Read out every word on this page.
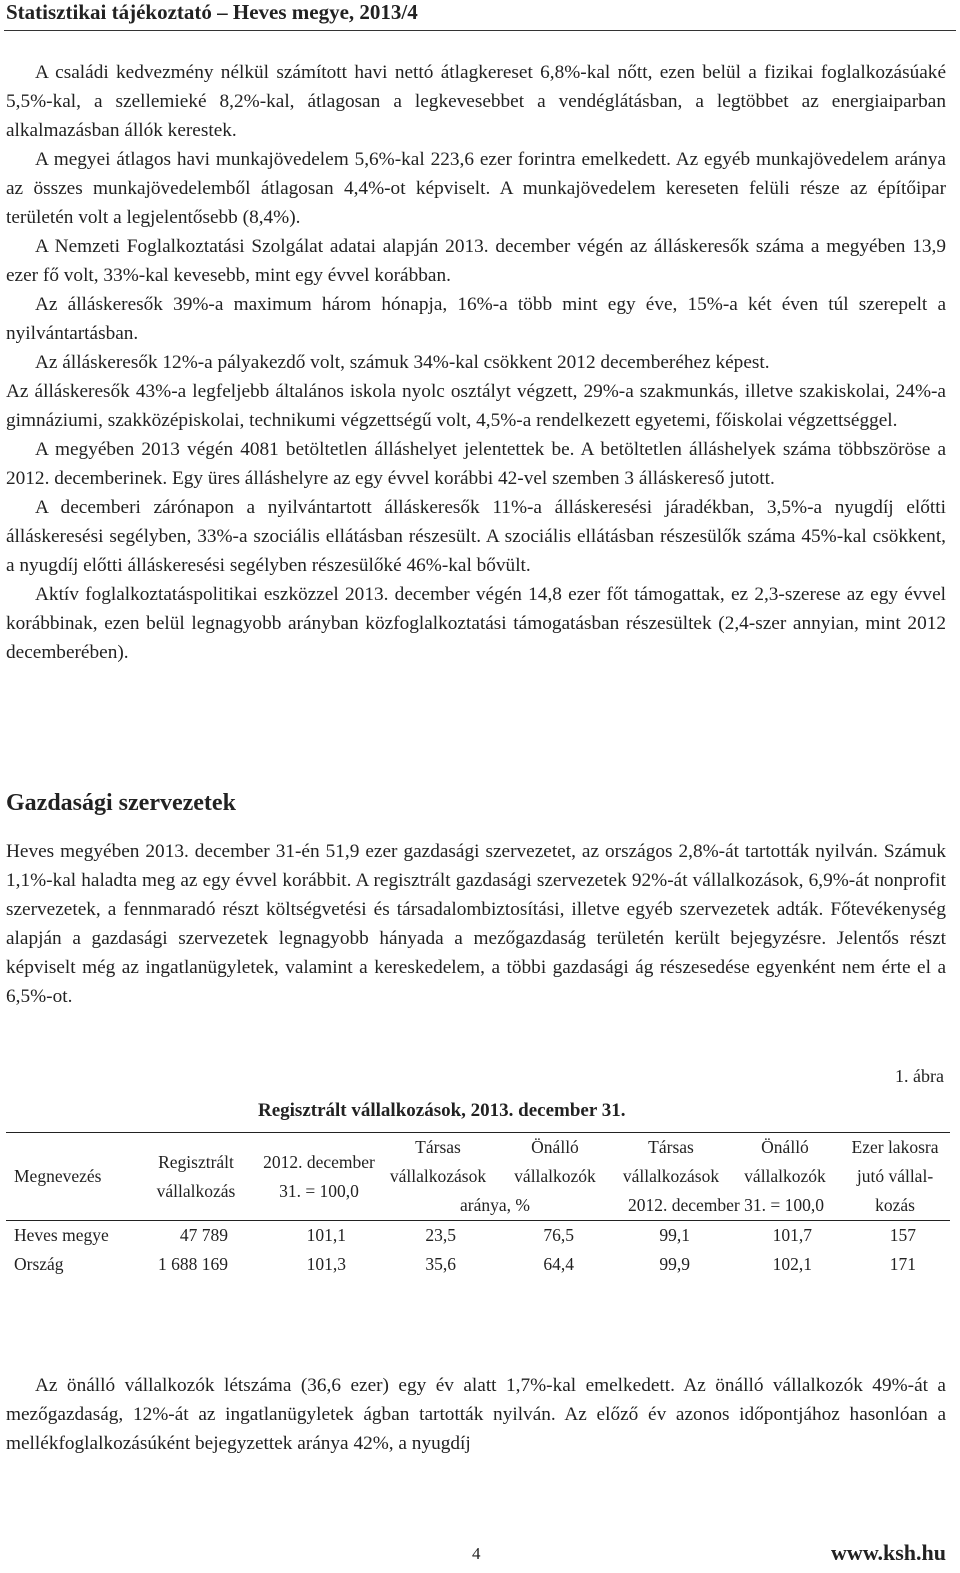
Statisztikai tájékoztató – Heves megye, 2013/4

A családi kedvezmény nélkül számított havi nettó átlagkereset 6,8%-kal nőtt, ezen belül a fizikai foglalkozásúaké 5,5%-kal, a szellemieké 8,2%-kal, átlagosan a legkevesebbet a vendéglátásban, a legtöbbet az energiaiparban alkalmazásban állók kerestek.

A megyei átlagos havi munkajövedelem 5,6%-kal 223,6 ezer forintra emelkedett. Az egyéb munkajövedelem aránya az összes munkajövedelemből átlagosan 4,4%-ot képviselt. A munkajövedelem kereseten felüli része az építőipar területén volt a legjelentősebb (8,4%).

A Nemzeti Foglalkoztatási Szolgálat adatai alapján 2013. december végén az álláskeresők száma a megyében 13,9 ezer fő volt, 33%-kal kevesebb, mint egy évvel korábban.

Az álláskeresők 39%-a maximum három hónapja, 16%-a több mint egy éve, 15%-a két éven túl szerepelt a nyilvántartásban.

Az álláskeresők 12%-a pályakezdő volt, számuk 34%-kal csökkent 2012 decemberéhez képest.

Az álláskeresők 43%-a legfeljebb általános iskola nyolc osztályt végzett, 29%-a szakmunkás, illetve szakiskolai, 24%-a gimnáziumi, szakközépiskolai, technikumi végzettségű volt, 4,5%-a rendelkezett egyetemi, főiskolai végzettséggel.

A megyében 2013 végén 4081 betöltetlen álláshelyet jelentettek be. A betöltetlen álláshelyek száma többszöröse a 2012. decemberinek. Egy üres álláshelyre az egy évvel korábbi 42-vel szemben 3 álláskereső jutott.

A decemberi zárónapon a nyilvántartott álláskeresők 11%-a álláskeresési járadékban, 3,5%-a nyugdíj előtti álláskeresési segélyben, 33%-a szociális ellátásban részesült. A szociális ellátásban részesülők száma 45%-kal csökkent, a nyugdíj előtti álláskeresési segélyben részesülőké 46%-kal bővült.

Aktív foglalkoztatáspolitikai eszközzel 2013. december végén 14,8 ezer főt támogattak, ez 2,3-szerese az egy évvel korábbinak, ezen belül legnagyobb arányban közfoglalkoztatási támogatásban részesültek (2,4-szer annyian, mint 2012 decemberében).

Gazdasági szervezetek

Heves megyében 2013. december 31-én 51,9 ezer gazdasági szervezetet, az országos 2,8%-át tartották nyilván. Számuk 1,1%-kal haladta meg az egy évvel korábbit. A regisztrált gazdasági szervezetek 92%-át vállalkozások, 6,9%-át nonprofit szervezetek, a fennmaradó részt költségvetési és társadalombiztosítási, illetve egyéb szervezetek adták. Főtevékenység alapján a gazdasági szervezetek legnagyobb hányada a mezőgazdaság területén került bejegyzésre. Jelentős részt képviselt még az ingatlanügyletek, valamint a kereskedelem, a többi gazdasági ág részesedése egyenként nem érte el a 6,5%-ot.

1. ábra
Regisztrált vállalkozások, 2013. december 31.
Megnevezés	Regisztrált vállalkozás	2012. december 31. = 100,0	Társas vállalkozások	Önálló vállalkozók	Társas vállalkozások	Önálló vállalkozók	Ezer lakosra jutó vállal-kozás
			aránya, %		2012. december 31. = 100,0		
Heves megye	47 789	101,1	23,5	76,5	99,1	101,7	157
Ország	1 688 169	101,3	35,6	64,4	99,9	102,1	171

Az önálló vállalkozók létszáma (36,6 ezer) egy év alatt 1,7%-kal emelkedett. Az önálló vállalkozók 49%-át a mezőgazdaság, 12%-át az ingatlanügyletek ágban tartották nyilván. Az előző év azonos időpontjához hasonlóan a mellékfoglalkozásúként bejegyzettek aránya 42%, a nyugdíj

4	www.ksh.hu
